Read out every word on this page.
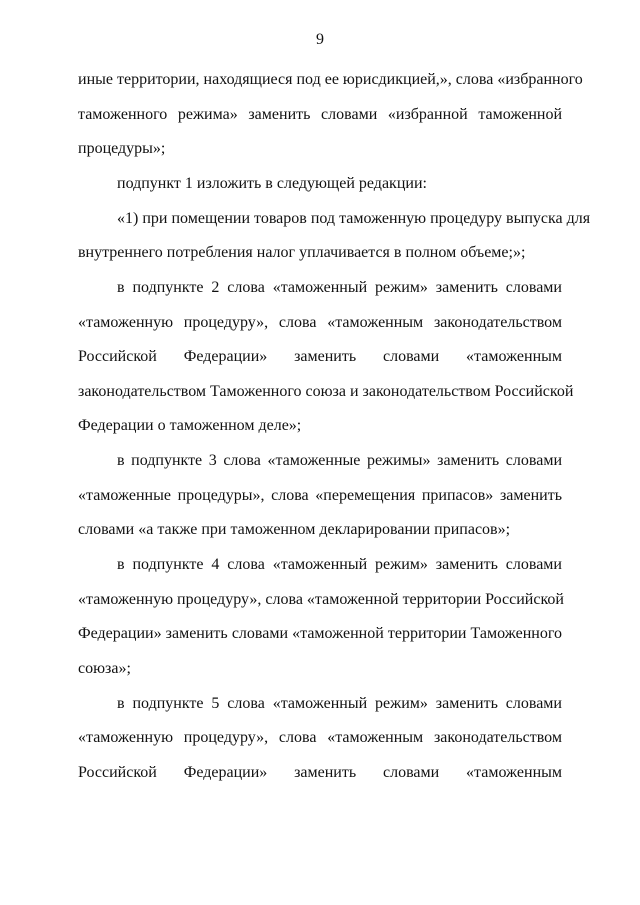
9
иные территории, находящиеся под ее юрисдикцией,», слова «избранного
таможенного режима» заменить словами «избранной таможенной
процедуры»;
подпункт 1 изложить в следующей редакции:
«1) при помещении товаров под таможенную процедуру выпуска для
внутреннего потребления налог уплачивается в полном объеме;»;
в подпункте 2 слова «таможенный режим» заменить словами
«таможенную процедуру», слова «таможенным законодательством
Российской Федерации» заменить словами «таможенным
законодательством Таможенного союза и законодательством Российской
Федерации о таможенном деле»;
в подпункте 3 слова «таможенные режимы» заменить словами
«таможенные процедуры», слова «перемещения припасов» заменить
словами «а также при таможенном декларировании припасов»;
в подпункте 4 слова «таможенный режим» заменить словами
«таможенную процедуру», слова «таможенной территории Российской
Федерации» заменить словами «таможенной территории Таможенного
союза»;
в подпункте 5 слова «таможенный режим» заменить словами
«таможенную процедуру», слова «таможенным законодательством
Российской Федерации» заменить словами «таможенным
